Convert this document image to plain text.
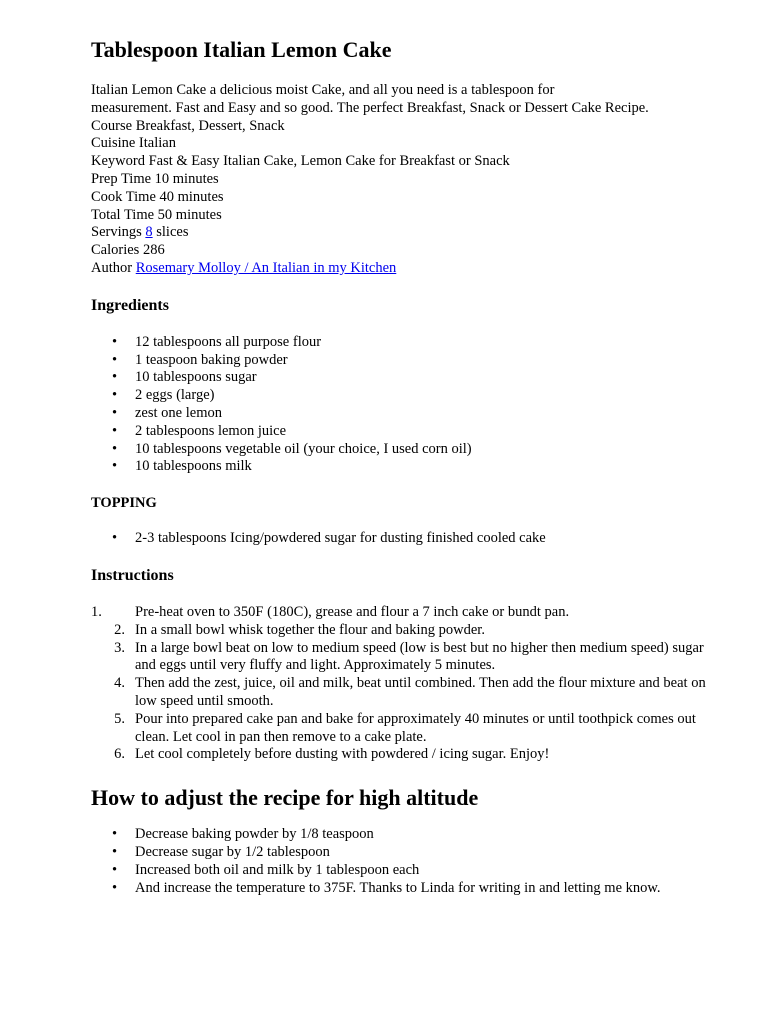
Tablespoon Italian Lemon Cake

Italian Lemon Cake a delicious moist Cake, and all you need is a tablespoon for

measurement. Fast and Easy and so good. The perfect Breakfast, Snack or Dessert Cake Recipe.

Course Breakfast, Dessert, Snack
Cuisine Italian
Keyword Fast & Easy Italian Cake, Lemon Cake for Breakfast or Snack
Prep Time 10 minutes
Cook Time 40 minutes
Total Time 50 minutes
Servings 8 slices
Calories 286
Author Rosemary Molloy / An Italian in my Kitchen
Ingredients
• 12 tablespoons all purpose flour
• 1 teaspoon baking powder
• 10 tablespoons sugar
• 2 eggs (large)
• zest one lemon
• 2 tablespoons lemon juice
• 10 tablespoons vegetable oil (your choice, I used corn oil)
• 10 tablespoons milk
TOPPING
• 2-3 tablespoons Icing/powdered sugar for dusting finished cooled cake
Instructions
1.	Pre-heat oven to 350F (180C), grease and flour a 7 inch cake or bundt pan.
2. In a small bowl whisk together the flour and baking powder.
3. In a large bowl beat on low to medium speed (low is best but no higher then medium speed) sugar and eggs until very fluffy and light. Approximately 5 minutes.
4. Then add the zest, juice, oil and milk, beat until combined. Then add the flour mixture and beat on low speed until smooth.
5. Pour into prepared cake pan and bake for approximately 40 minutes or until toothpick comes out clean. Let cool in pan then remove to a cake plate.
6. Let cool completely before dusting with powdered / icing sugar. Enjoy!
How to adjust the recipe for high altitude
• Decrease baking powder by 1/8 teaspoon
• Decrease sugar by 1/2 tablespoon
• Increased both oil and milk by 1 tablespoon each
• And increase the temperature to 375F. Thanks to Linda for writing in and letting me know.
